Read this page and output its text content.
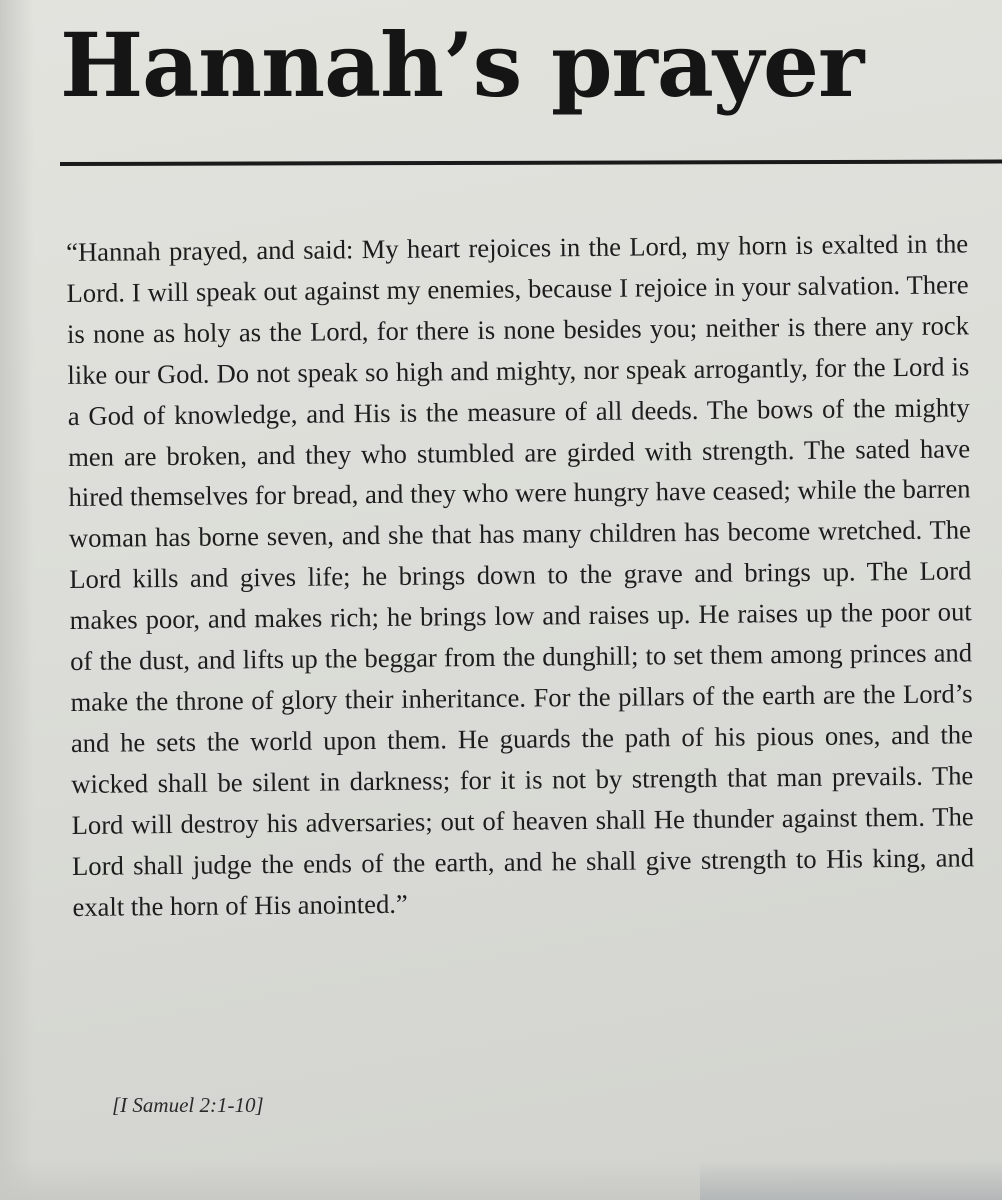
Hannah’s prayer

“Hannah prayed, and said: My heart rejoices in the Lord, my horn is exalted in the Lord. I will speak out against my enemies, because I rejoice in your salvation. There is none as holy as the Lord, for there is none besides you; neither is there any rock like our God. Do not speak so high and mighty, nor speak arrogantly, for the Lord is a God of knowledge, and His is the measure of all deeds. The bows of the mighty men are broken, and they who stumbled are girded with strength. The sated have hired themselves for bread, and they who were hungry have ceased; while the barren woman has borne seven, and she that has many children has become wretched. The Lord kills and gives life; he brings down to the grave and brings up. The Lord makes poor, and makes rich; he brings low and raises up. He raises up the poor out of the dust, and lifts up the beggar from the dunghill; to set them among princes and make the throne of glory their inheritance. For the pillars of the earth are the Lord’s and he sets the world upon them. He guards the path of his pious ones, and the wicked shall be silent in darkness; for it is not by strength that man prevails. The Lord will destroy his adversaries; out of heaven shall He thunder against them. The Lord shall judge the ends of the earth, and he shall give strength to His king, and exalt the horn of His anointed.”

[I Samuel 2:1-10]
